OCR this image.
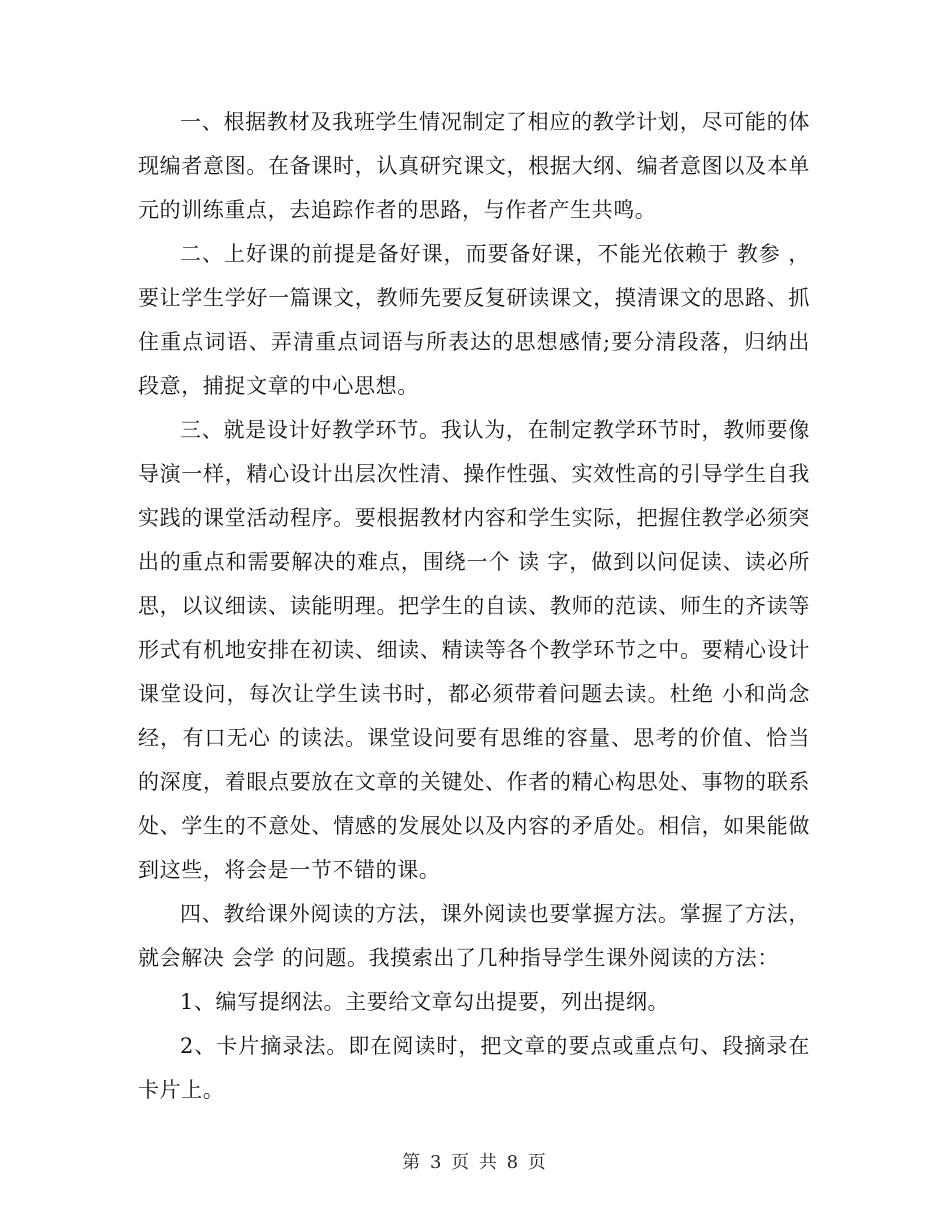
一、根据教材及我班学生情况制定了相应的教学计划，尽可能的体现编者意图。在备课时，认真研究课文，根据大纲、编者意图以及本单元的训练重点，去追踪作者的思路，与作者产生共鸣。

二、上好课的前提是备好课，而要备好课，不能光依赖于 教参 ，要让学生学好一篇课文，教师先要反复研读课文，摸清课文的思路、抓住重点词语、弄清重点词语与所表达的思想感情;要分清段落，归纳出段意，捕捉文章的中心思想。

三、就是设计好教学环节。我认为，在制定教学环节时，教师要像导演一样，精心设计出层次性清、操作性强、实效性高的引导学生自我实践的课堂活动程序。要根据教材内容和学生实际，把握住教学必须突出的重点和需要解决的难点，围绕一个 读 字，做到以问促读、读必所思，以议细读、读能明理。把学生的自读、教师的范读、师生的齐读等形式有机地安排在初读、细读、精读等各个教学环节之中。要精心设计课堂设问，每次让学生读书时，都必须带着问题去读。杜绝 小和尚念经，有口无心 的读法。课堂设问要有思维的容量、思考的价值、恰当的深度，着眼点要放在文章的关键处、作者的精心构思处、事物的联系处、学生的不意处、情感的发展处以及内容的矛盾处。相信，如果能做到这些，将会是一节不错的课。

四、教给课外阅读的方法，课外阅读也要掌握方法。掌握了方法，就会解决 会学 的问题。我摸索出了几种指导学生课外阅读的方法：

1、编写提纲法。主要给文章勾出提要，列出提纲。

2、卡片摘录法。即在阅读时，把文章的要点或重点句、段摘录在卡片上。

第 3 页 共 8 页
